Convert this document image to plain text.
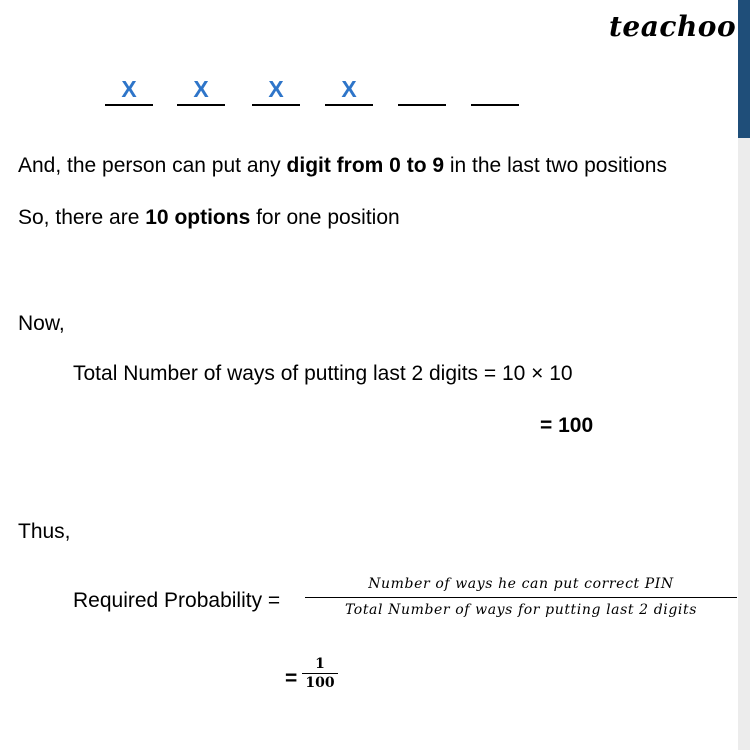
teachoo
X	X	X	X
And, the person can put any digit from 0 to 9 in the last two positions
So, there are 10 options for one position
Now,
Total Number of ways of putting last 2 digits = 10 × 10
= 100
Thus,
Required Probability =
Number of ways he can put correct PIN
Total Number of ways for putting last 2 digits
=
1
100
